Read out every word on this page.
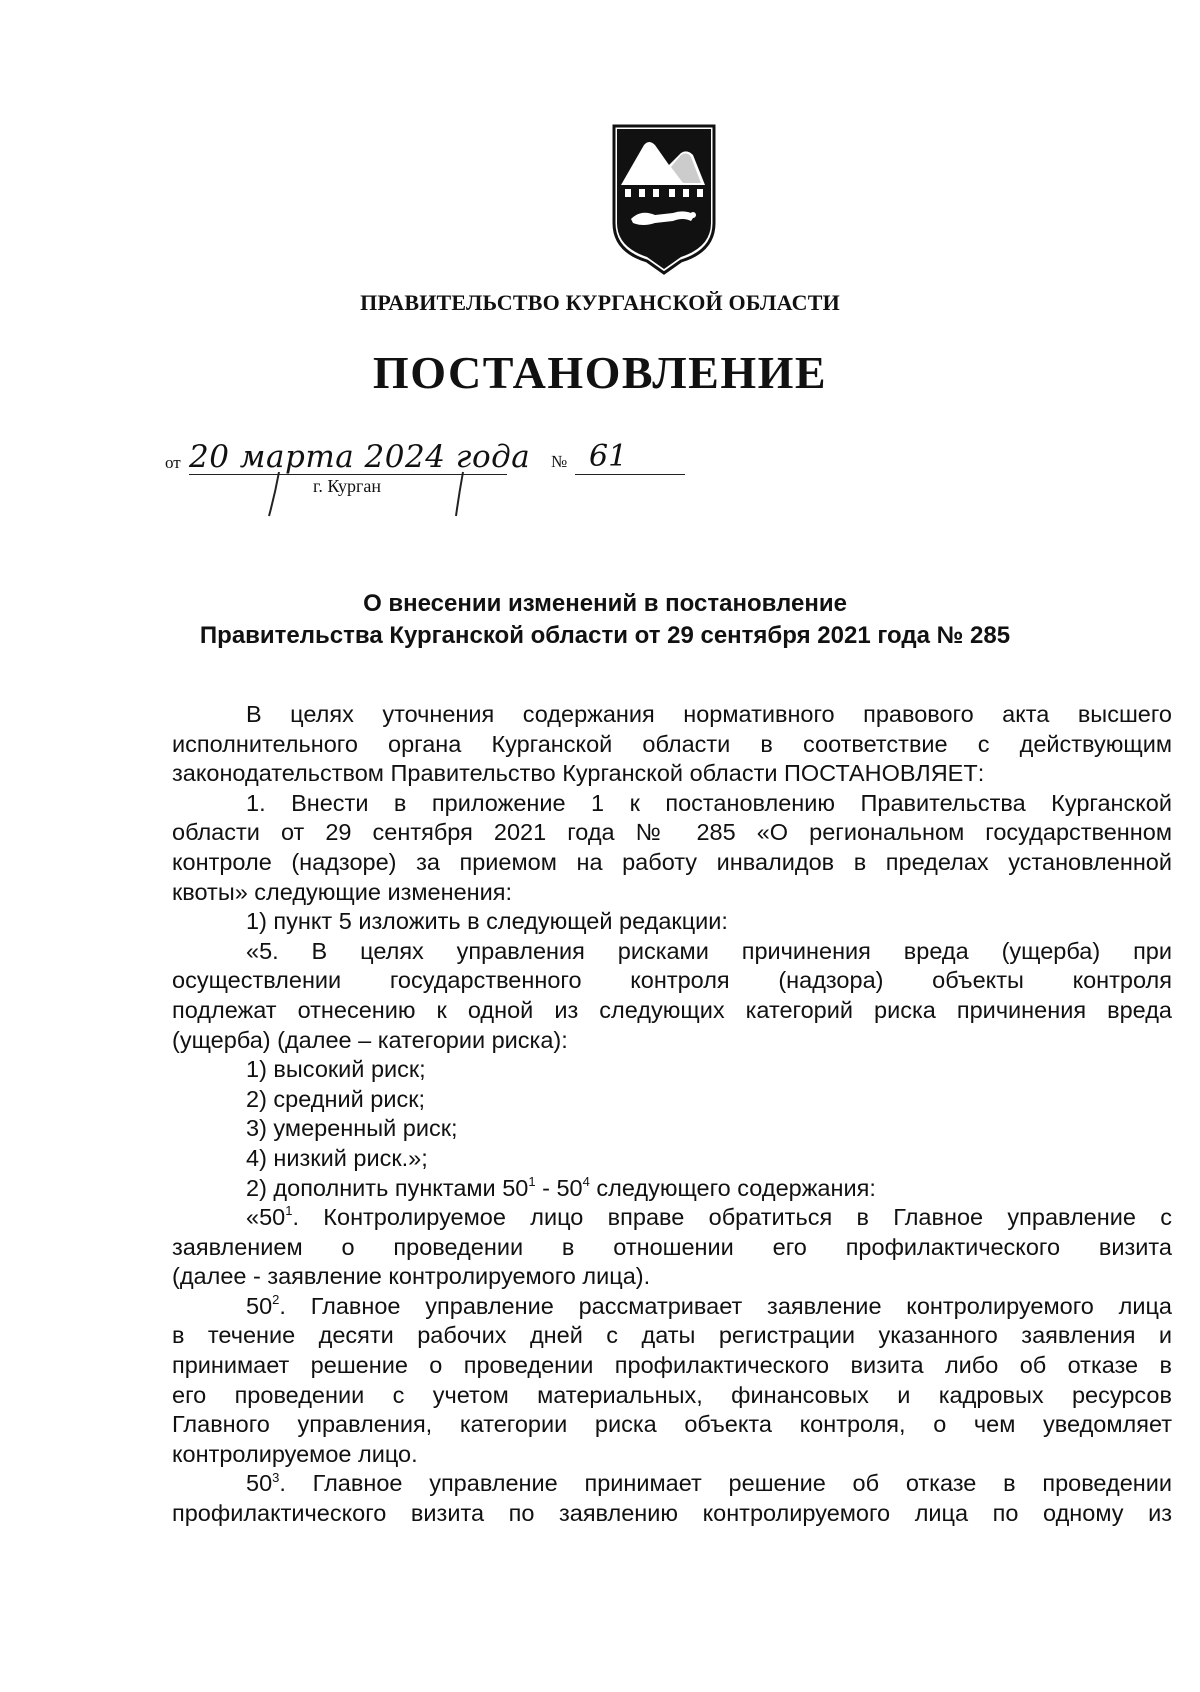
ПРАВИТЕЛЬСТВО КУРГАНСКОЙ ОБЛАСТИ
ПОСТАНОВЛЕНИЕ
от 20 марта 2024 года № 61
г. Курган
О внесении изменений в постановление
Правительства Курганской области от 29 сентября 2021 года № 285
В целях уточнения содержания нормативного правового акта высшего
исполнительного органа Курганской области в соответствие с действующим
законодательством Правительство Курганской области ПОСТАНОВЛЯЕТ:
1. Внести в приложение 1 к постановлению Правительства Курганской
области от 29 сентября 2021 года № 285 «О региональном государственном
контроле (надзоре) за приемом на работу инвалидов в пределах установленной
квоты» следующие изменения:
1) пункт 5 изложить в следующей редакции:
«5. В целях управления рисками причинения вреда (ущерба) при
осуществлении государственного контроля (надзора) объекты контроля
подлежат отнесению к одной из следующих категорий риска причинения вреда
(ущерба) (далее – категории риска):
1) высокий риск;
2) средний риск;
3) умеренный риск;
4) низкий риск.»;
2) дополнить пунктами $50^1 - 50^4$ следующего содержания:
«$50^1$. Контролируемое лицо вправе обратиться в Главное управление с
заявлением о проведении в отношении его профилактического визита
(далее - заявление контролируемого лица).
$50^2$. Главное управление рассматривает заявление контролируемого лица
в течение десяти рабочих дней с даты регистрации указанного заявления и
принимает решение о проведении профилактического визита либо об отказе в
его проведении с учетом материальных, финансовых и кадровых ресурсов
Главного управления, категории риска объекта контроля, о чем уведомляет
контролируемое лицо.
$50^3$. Главное управление принимает решение об отказе в проведении
профилактического визита по заявлению контролируемого лица по одному из
